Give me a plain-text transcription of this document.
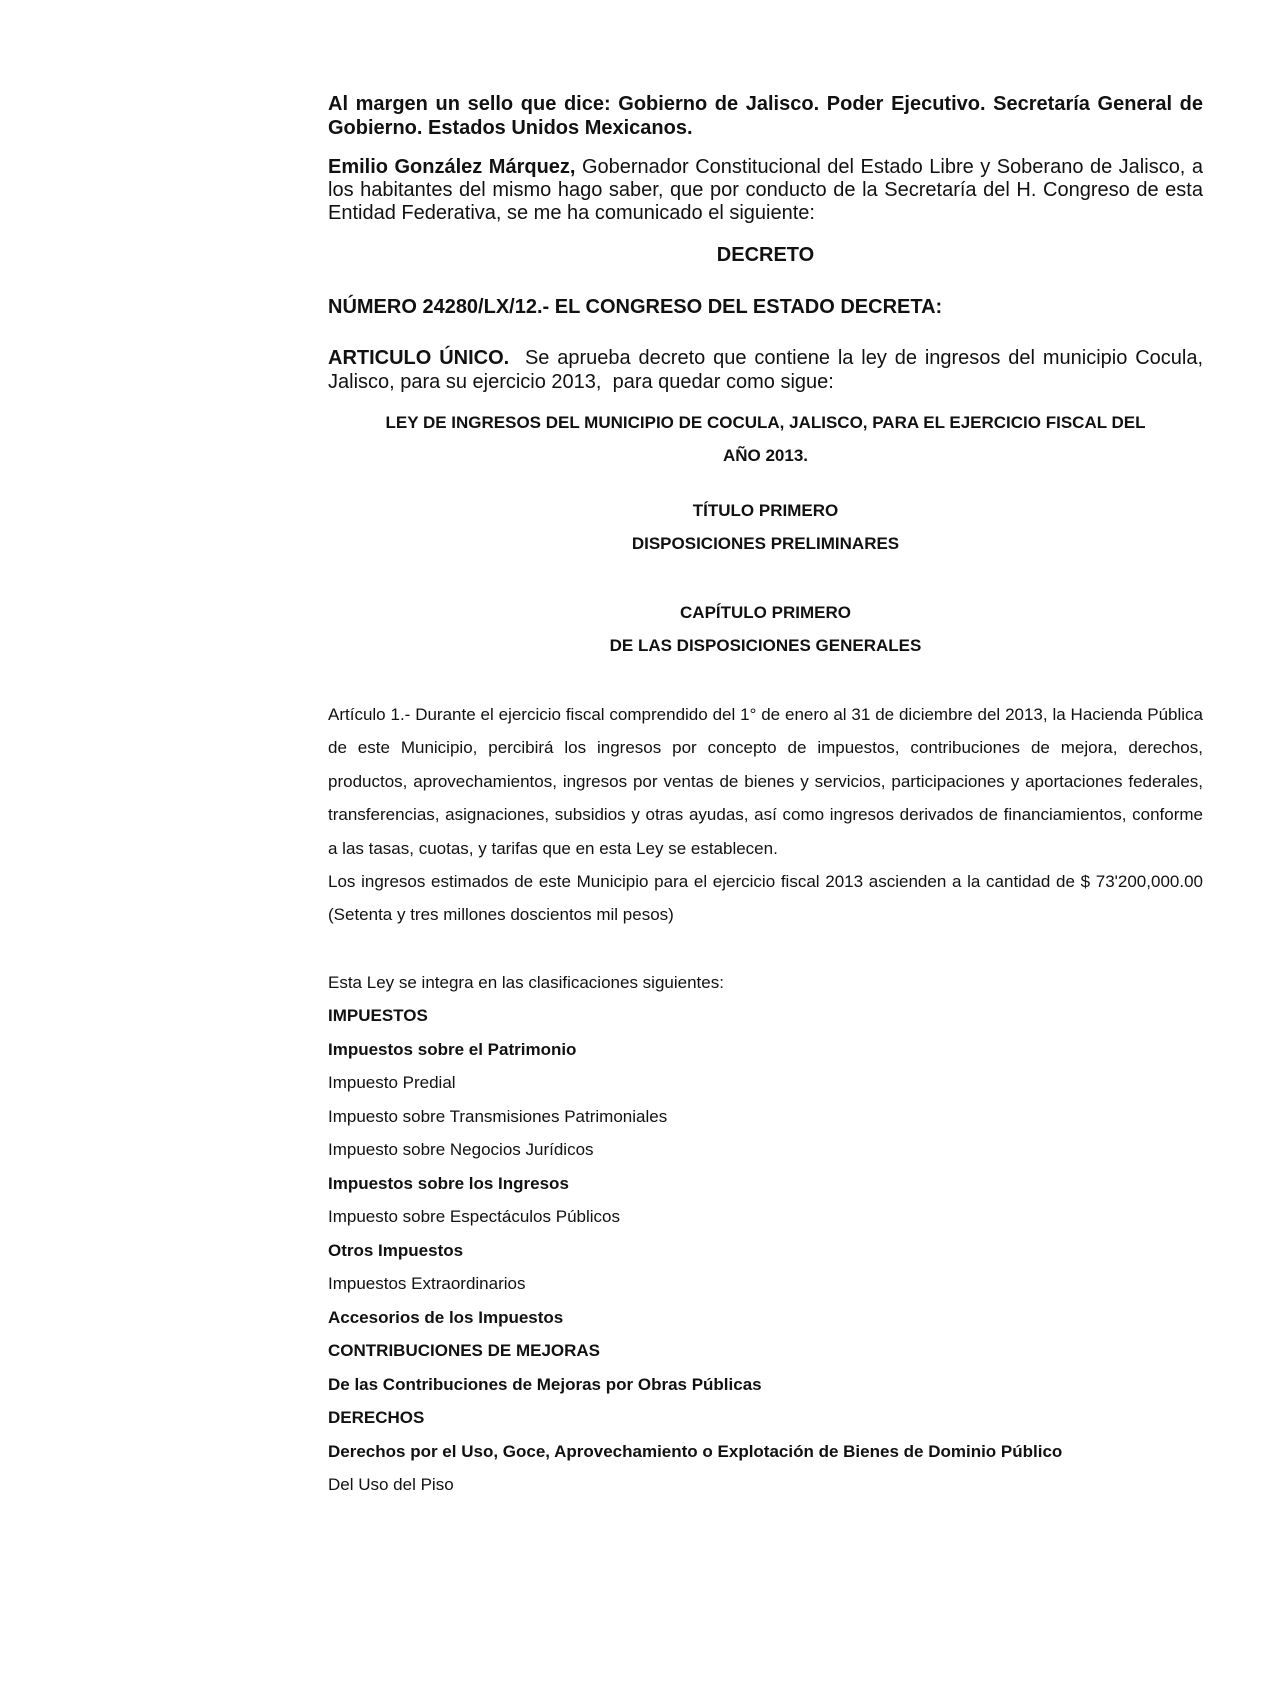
Al margen un sello que dice: Gobierno de Jalisco. Poder Ejecutivo. Secretaría General de Gobierno. Estados Unidos Mexicanos.

Emilio González Márquez, Gobernador Constitucional del Estado Libre y Soberano de Jalisco, a los habitantes del mismo hago saber, que por conducto de la Secretaría del H. Congreso de esta Entidad Federativa, se me ha comunicado el siguiente:

DECRETO

NÚMERO 24280/LX/12.- EL CONGRESO DEL ESTADO DECRETA:

ARTICULO ÚNICO.  Se aprueba decreto que contiene la ley de ingresos del municipio Cocula,  Jalisco, para su ejercicio 2013,  para quedar como sigue:

LEY DE INGRESOS DEL MUNICIPIO DE COCULA, JALISCO, PARA EL EJERCICIO FISCAL DEL
AÑO 2013.
TÍTULO PRIMERO
DISPOSICIONES PRELIMINARES
CAPÍTULO PRIMERO
DE LAS DISPOSICIONES GENERALES

Artículo 1.- Durante el ejercicio fiscal comprendido del 1° de enero al 31 de diciembre del 2013, la Hacienda Pública de este Municipio, percibirá los ingresos por concepto de impuestos, contribuciones de mejora, derechos, productos, aprovechamientos, ingresos por ventas de bienes y servicios, participaciones y aportaciones federales, transferencias, asignaciones, subsidios y otras ayudas, así como ingresos derivados de financiamientos, conforme a las tasas, cuotas, y tarifas que en esta Ley se establecen.

Los ingresos estimados de este Municipio para el ejercicio fiscal 2013 ascienden a la cantidad de $ 73'200,000.00 (Setenta y tres millones doscientos mil pesos)

Esta Ley se integra en las clasificaciones siguientes:
IMPUESTOS
Impuestos sobre el Patrimonio
Impuesto Predial
Impuesto sobre Transmisiones Patrimoniales
Impuesto sobre Negocios Jurídicos
Impuestos sobre los Ingresos
Impuesto sobre Espectáculos Públicos
Otros Impuestos
Impuestos Extraordinarios
Accesorios de los Impuestos
CONTRIBUCIONES DE MEJORAS
De las Contribuciones de Mejoras por Obras Públicas
DERECHOS
Derechos por el Uso, Goce, Aprovechamiento o Explotación de Bienes de Dominio Público
Del Uso del Piso
